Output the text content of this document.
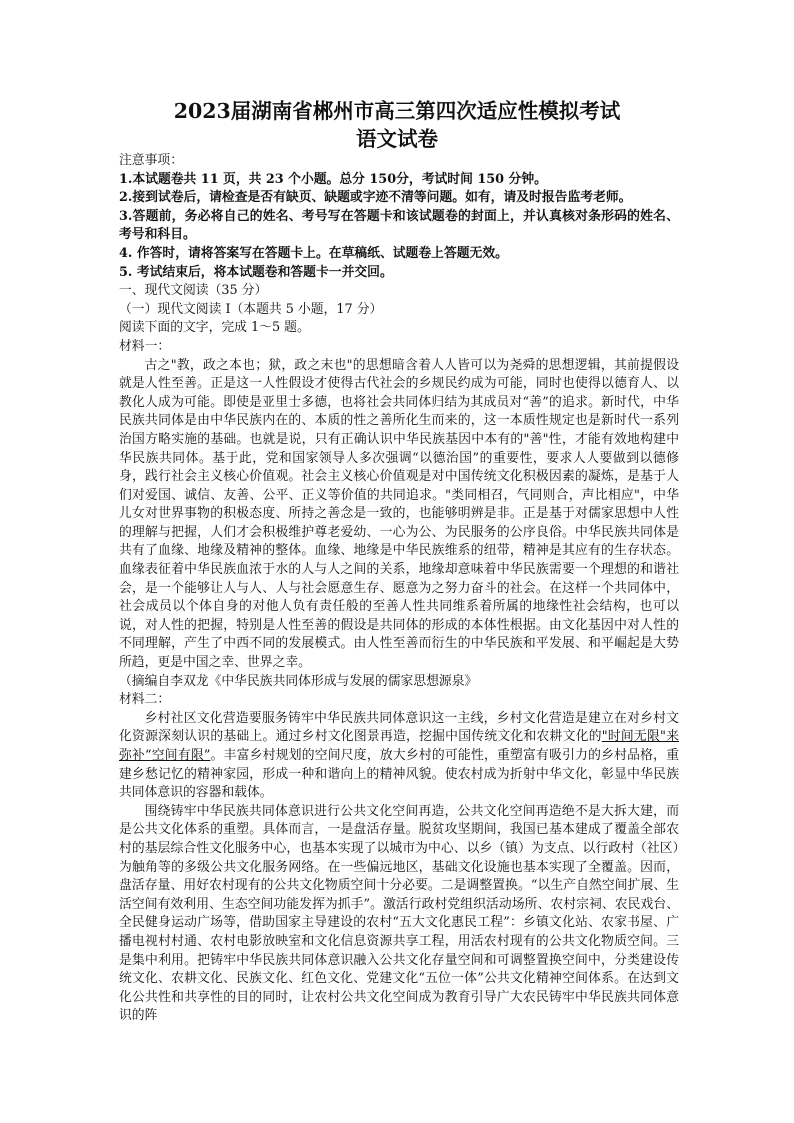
2023届湖南省郴州市高三第四次适应性模拟考试
语文试卷

注意事项：

1.本试题卷共 11 页，共 23 个小题。总分 150分，考试时间 150 分钟。

2.接到试卷后，请检查是否有缺页、缺题或字迹不清等问题。如有，请及时报告监考老师。

3.答题前，务必将自己的姓名、考号写在答题卡和该试题卷的封面上，并认真核对条形码的姓名、考号和科目。

4. 作答时，请将答案写在答题卡上。在草稿纸、试题卷上答题无效。

5. 考试结束后，将本试题卷和答题卡一并交回。

一、现代文阅读（35 分）

（一）现代文阅读 I（本题共 5 小题，17 分）

阅读下面的文字，完成 1～5 题。

材料一：

古之"教，政之本也；狱，政之末也"的思想暗含着人人皆可以为尧舜的思想逻辑，其前提假设就是人性至善。正是这一人性假设才使得古代社会的乡规民约成为可能，同时也使得以德育人、以教化人成为可能。即使是亚里士多德，也将社会共同体归结为其成员对“善”的追求。新时代，中华民族共同体是由中华民族内在的、本质的性之善所化生而来的，这一本质性规定也是新时代一系列治国方略实施的基础。也就是说，只有正确认识中华民族基因中本有的"善"性，才能有效地构建中华民族共同体。基于此，党和国家领导人多次强调“以德治国”的重要性，要求人人要做到以德修身，践行社会主义核心价值观。社会主义核心价值观是对中国传统文化积极因素的凝炼，是基于人们对爱国、诚信、友善、公平、正义等价值的共同追求。"类同相召，气同则合，声比相应"，中华儿女对世界事物的积极态度、所持之善念是一致的，也能够明辨是非。正是基于对儒家思想中人性的理解与把握，人们才会积极维护尊老爱幼、一心为公、为民服务的公序良俗。中华民族共同体是共有了血缘、地缘及精神的整体。血缘、地缘是中华民族维系的纽带，精神是其应有的生存状态。血缘表征着中华民族血浓于水的人与人之间的关系，地缘却意味着中华民族需要一个理想的和谐社会，是一个能够让人与人、人与社会愿意生存、愿意为之努力奋斗的社会。在这样一个共同体中，社会成员以个体自身的对他人负有责任般的至善人性共同维系着所属的地缘性社会结构，也可以说，对人性的把握，特别是人性至善的假设是共同体的形成的本体性根据。由文化基因中对人性的不同理解，产生了中西不同的发展模式。由人性至善而衍生的中华民族和平发展、和平崛起是大势所趋，更是中国之幸、世界之幸。

（摘编自李双龙《中华民族共同体形成与发展的儒家思想源泉》

材料二：

乡村社区文化营造要服务铸牢中华民族共同体意识这一主线，乡村文化营造是建立在对乡村文化资源深刻认识的基础上。通过乡村文化图景再造，挖掘中国传统文化和农耕文化的"时间无限"来弥补“空间有限”。丰富乡村规划的空间尺度，放大乡村的可能性，重塑富有吸引力的乡村品格，重建乡愁记忆的精神家园，形成一种和谐向上的精神风貌。使农村成为折射中华文化，彰显中华民族共同体意识的容器和载体。

围绕铸牢中华民族共同体意识进行公共文化空间再造，公共文化空间再造绝不是大拆大建，而是公共文化体系的重塑。具体而言，一是盘活存量。脱贫攻坚期间，我国已基本建成了覆盖全部农村的基层综合性文化服务中心，也基本实现了以城市为中心、以乡（镇）为支点、以行政村（社区）为触角等的多级公共文化服务网络。在一些偏远地区，基础文化设施也基本实现了全覆盖。因而，盘活存量、用好农村现有的公共文化物质空间十分必要。二是调整置换。“以生产自然空间扩展、生活空间有效利用、生态空间功能发挥为抓手”。激活行政村党组织活动场所、农村宗祠、农民戏台、全民健身运动广场等，借助国家主导建设的农村“五大文化惠民工程”：乡镇文化站、农家书屋、广播电视村村通、农村电影放映室和文化信息资源共享工程，用活农村现有的公共文化物质空间。三是集中利用。把铸牢中华民族共同体意识融入公共文化存量空间和可调整置换空间中，分类建设传统文化、农耕文化、民族文化、红色文化、党建文化“五位一体”公共文化精神空间体系。在达到文化公共性和共享性的目的同时，让农村公共文化空间成为教育引导广大农民铸牢中华民族共同体意识的阵
